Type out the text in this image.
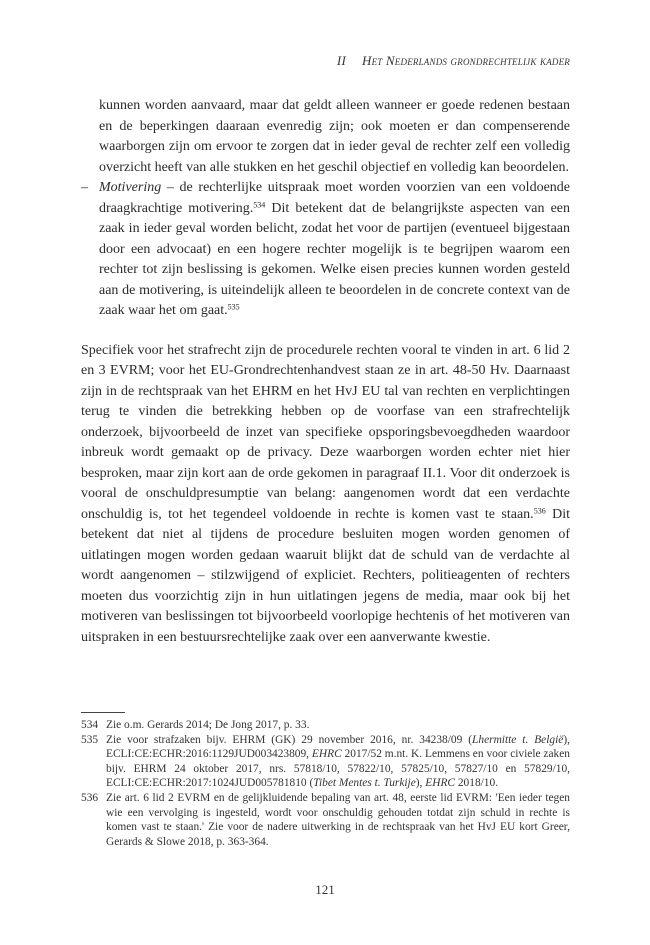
II Het Nederlands grondrechtelijk kader
kunnen worden aanvaard, maar dat geldt alleen wanneer er goede redenen bestaan en de beperkingen daaraan evenredig zijn; ook moeten er dan compenserende waarborgen zijn om ervoor te zorgen dat in ieder geval de rechter zelf een volledig overzicht heeft van alle stukken en het geschil objectief en volledig kan beoordelen.
– Motivering – de rechterlijke uitspraak moet worden voorzien van een voldoende draagkrachtige motivering.$^{534}$ Dit betekent dat de belangrijkste aspecten van een zaak in ieder geval worden belicht, zodat het voor de partijen (eventueel bijgestaan door een advocaat) en een hogere rechter mogelijk is te begrijpen waarom een rechter tot zijn beslissing is gekomen. Welke eisen precies kunnen worden gesteld aan de motivering, is uiteindelijk alleen te beoordelen in de concrete context van de zaak waar het om gaat.$^{535}$

Specifiek voor het strafrecht zijn de procedurele rechten vooral te vinden in art. 6 lid 2 en 3 EVRM; voor het EU-Grondrechtenhandvest staan ze in art. 48-50 Hv. Daarnaast zijn in de rechtspraak van het EHRM en het HvJ EU tal van rechten en verplichtingen terug te vinden die betrekking hebben op de voorfase van een strafrechtelijk onderzoek, bijvoorbeeld de inzet van specifieke opsporingsbevoegdheden waardoor inbreuk wordt gemaakt op de privacy. Deze waarborgen worden echter niet hier besproken, maar zijn kort aan de orde gekomen in paragraaf II.1. Voor dit onderzoek is vooral de onschuldpresumptie van belang: aangenomen wordt dat een verdachte onschuldig is, tot het tegendeel voldoende in rechte is komen vast te staan.$^{536}$ Dit betekent dat niet al tijdens de procedure besluiten mogen worden genomen of uitlatingen mogen worden gedaan waaruit blijkt dat de schuld van de verdachte al wordt aangenomen – stilzwijgend of expliciet. Rechters, politieagenten of rechters moeten dus voorzichtig zijn in hun uitlatingen jegens de media, maar ook bij het motiveren van beslissingen tot bijvoorbeeld voorlopige hechtenis of het motiveren van uitspraken in een bestuursrechtelijke zaak over een aanverwante kwestie.

534 Zie o.m. Gerards 2014; De Jong 2017, p. 33.
535 Zie voor strafzaken bijv. EHRM (GK) 29 november 2016, nr. 34238/09 (Lhermitte t. België), ECLI:CE:ECHR:2016:1129JUD003423809, EHRC 2017/52 m.nt. K. Lemmens en voor civiele zaken bijv. EHRM 24 oktober 2017, nrs. 57818/10, 57822/10, 57825/10, 57827/10 en 57829/10, ECLI:CE:ECHR:2017:1024JUD005781810 (Tibet Mentes t. Turkije), EHRC 2018/10.
536 Zie art. 6 lid 2 EVRM en de gelijkluidende bepaling van art. 48, eerste lid EVRM: 'Een ieder tegen wie een vervolging is ingesteld, wordt voor onschuldig gehouden totdat zijn schuld in rechte is komen vast te staan.' Zie voor de nadere uitwerking in de rechtspraak van het HvJ EU kort Greer, Gerards & Slowe 2018, p. 363-364.
121
